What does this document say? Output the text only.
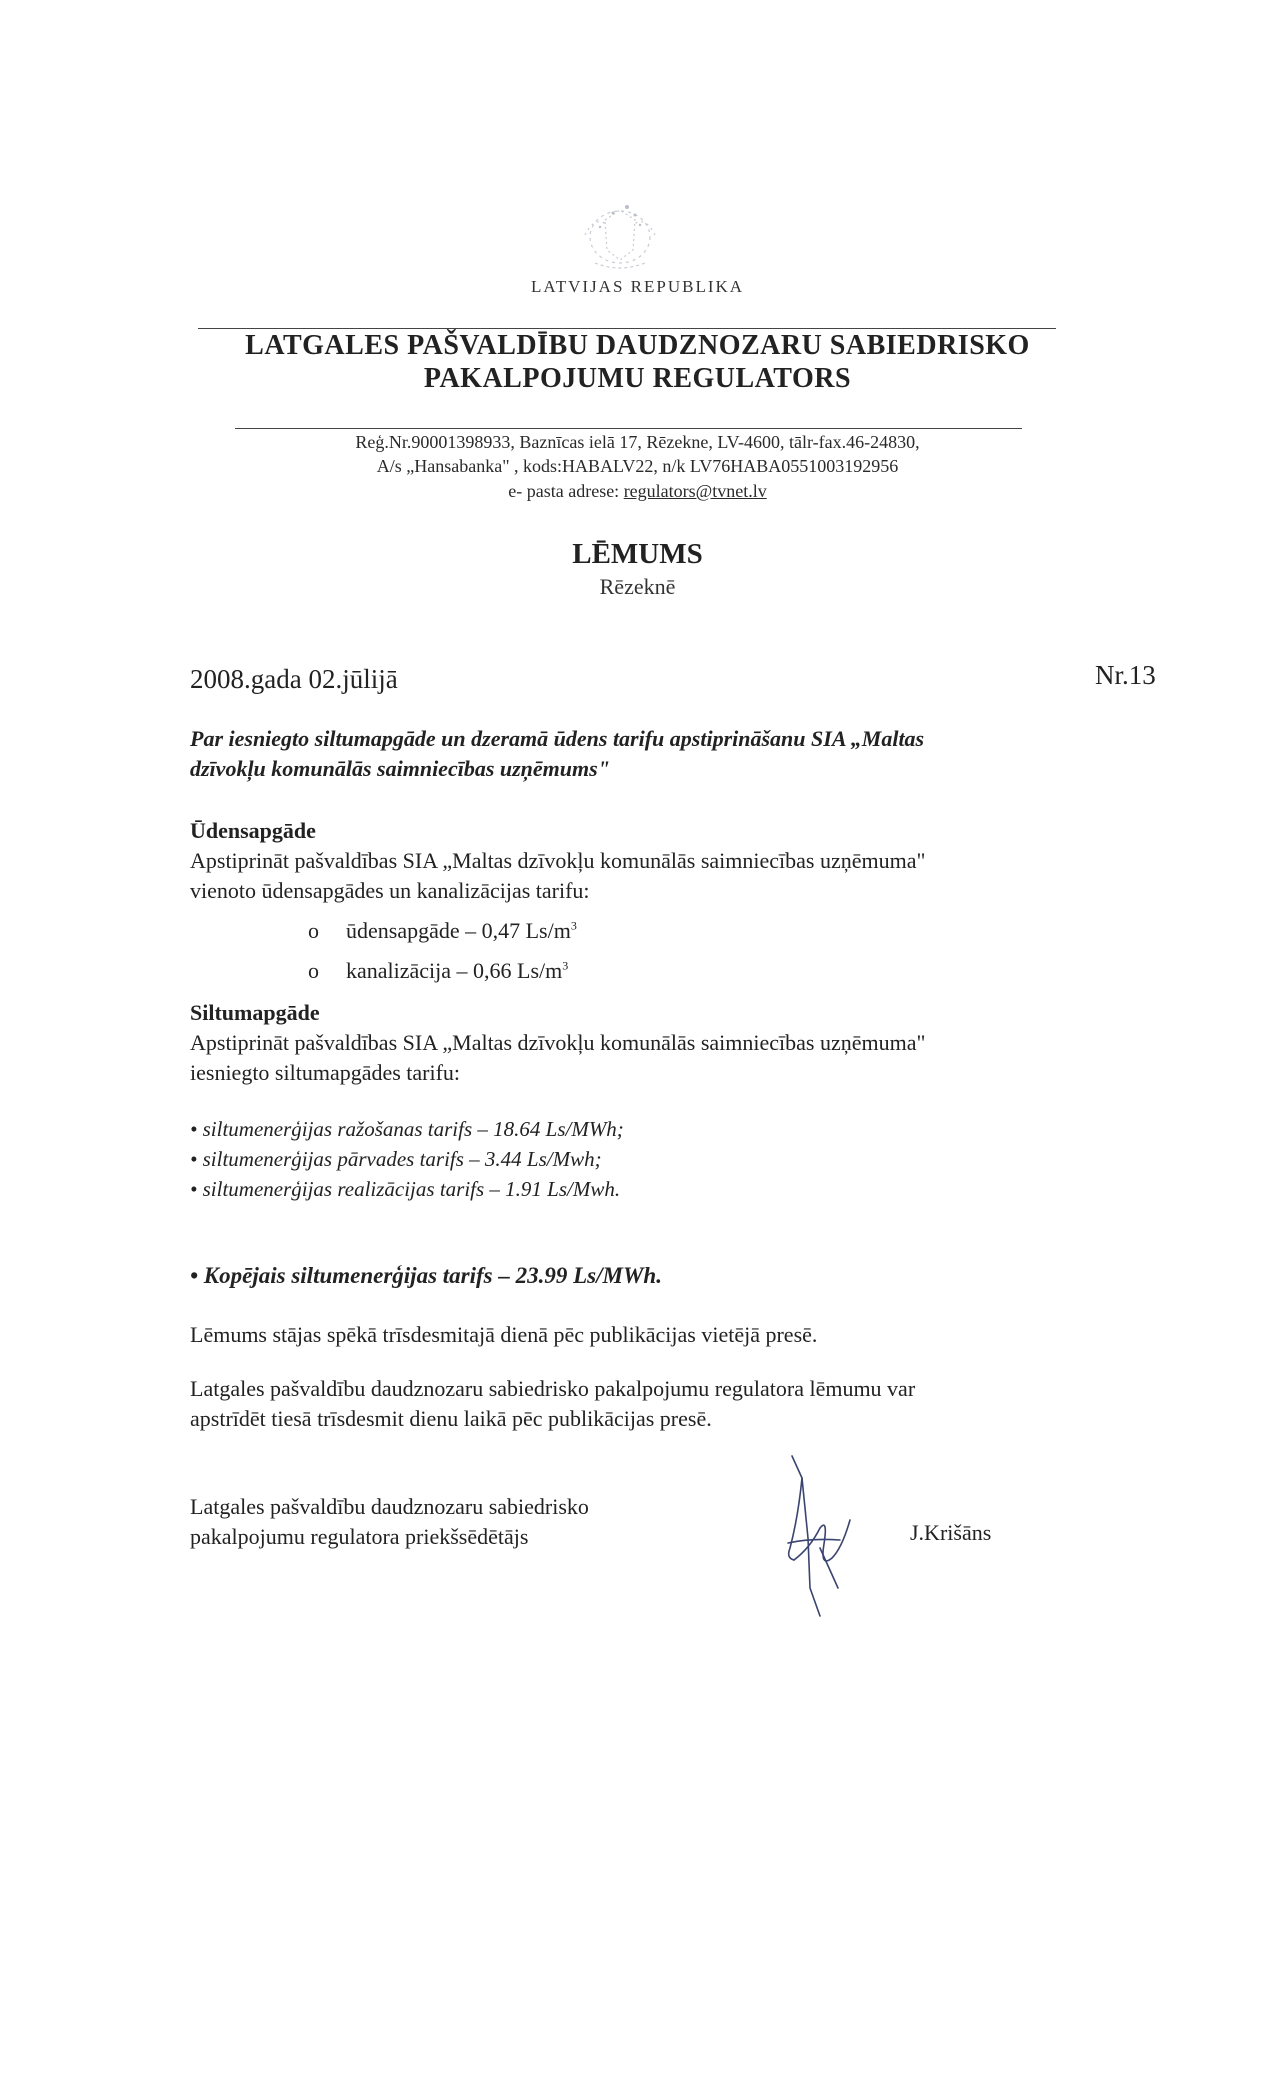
LATVIJAS REPUBLIKA
LATGALES PAŠVALDĪBU DAUDZNOZARU SABIEDRISKO
PAKALPOJUMU REGULATORS
Reģ.Nr.90001398933, Baznīcas ielā 17, Rēzekne, LV-4600, tālr-fax.46-24830,
A/s „Hansabanka" , kods:HABALV22, n/k LV76HABA0551003192956
e- pasta adrese: regulators@tvnet.lv
LĒMUMS
Rēzeknē
2008.gada 02.jūlijā	Nr.13
Par iesniegto siltumapgāde un dzeramā ūdens tarifu apstiprināšanu SIA „Maltas
dzīvokļu komunālās saimniecības uzņēmums"
Ūdensapgāde
Apstiprināt pašvaldības SIA „Maltas dzīvokļu komunālās saimniecības uzņēmuma"
vienoto ūdensapgādes un kanalizācijas tarifu:
o ūdensapgāde – 0,47 $Ls/m^3$
o kanalizācija – 0,66 $Ls/m^3$
Siltumapgāde
Apstiprināt pašvaldības SIA „Maltas dzīvokļu komunālās saimniecības uzņēmuma"
iesniegto siltumapgādes tarifu:
• siltumenerģijas ražošanas tarifs – 18.64 Ls/MWh;
• siltumenerģijas pārvades tarifs – 3.44 Ls/Mwh;
• siltumenerģijas realizācijas tarifs – 1.91 Ls/Mwh.
• Kopējais siltumenerģijas tarifs – 23.99 Ls/MWh.
Lēmums stājas spēkā trīsdesmitajā dienā pēc publikācijas vietējā presē.
Latgales pašvaldību daudznozaru sabiedrisko pakalpojumu regulatora lēmumu var
apstrīdēt tiesā trīsdesmit dienu laikā pēc publikācijas presē.
Latgales pašvaldību daudznozaru sabiedrisko
pakalpojumu regulatora priekšsēdētājs	J.Krišāns
